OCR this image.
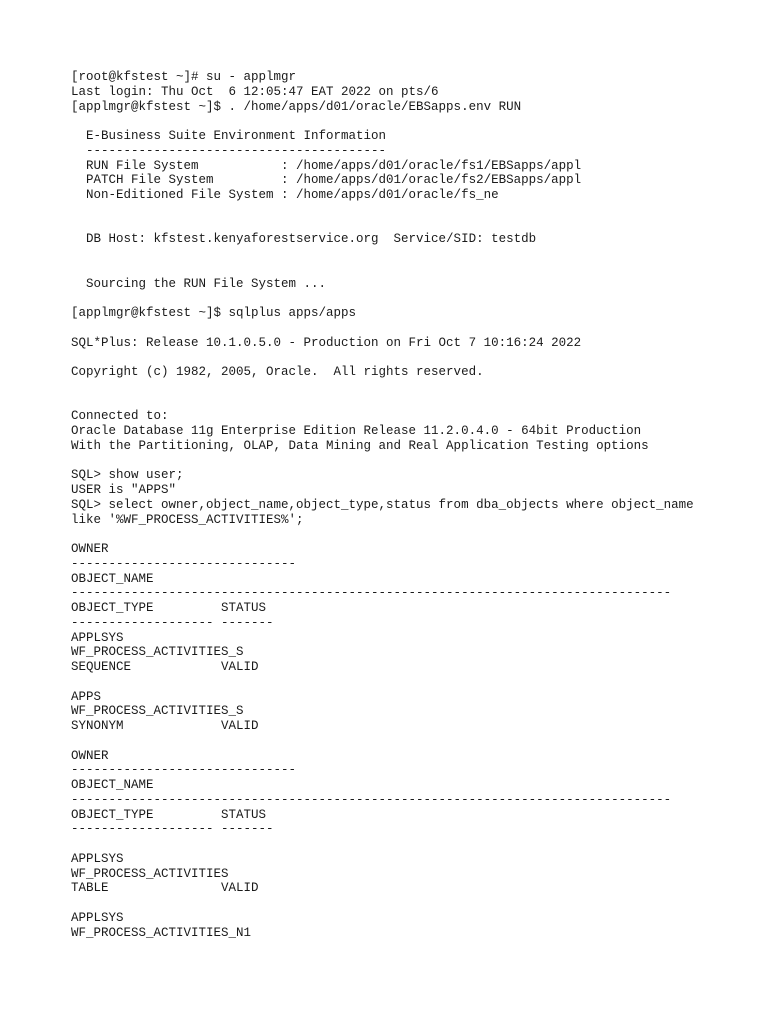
[root@kfstest ~]# su - applmgr
Last login: Thu Oct  6 12:05:47 EAT 2022 on pts/6
[applmgr@kfstest ~]$ . /home/apps/d01/oracle/EBSapps.env RUN
E-Business Suite Environment Information
----------------------------------------
RUN File System           : /home/apps/d01/oracle/fs1/EBSapps/appl
PATCH File System         : /home/apps/d01/oracle/fs2/EBSapps/appl
Non-Editioned File System : /home/apps/d01/oracle/fs_ne
DB Host: kfstest.kenyaforestservice.org  Service/SID: testdb
Sourcing the RUN File System ...
[applmgr@kfstest ~]$ sqlplus apps/apps
SQL*Plus: Release 10.1.0.5.0 - Production on Fri Oct 7 10:16:24 2022
Copyright (c) 1982, 2005, Oracle.  All rights reserved.
Connected to:
Oracle Database 11g Enterprise Edition Release 11.2.0.4.0 - 64bit Production
With the Partitioning, OLAP, Data Mining and Real Application Testing options
SQL> show user;
USER is "APPS"
SQL> select owner,object_name,object_type,status from dba_objects where object_name
like '%WF_PROCESS_ACTIVITIES%';
OWNER
------------------------------
OBJECT_NAME
--------------------------------------------------------------------------------
OBJECT_TYPE         STATUS
------------------- -------
APPLSYS
WF_PROCESS_ACTIVITIES_S
SEQUENCE            VALID
APPS
WF_PROCESS_ACTIVITIES_S
SYNONYM             VALID
OWNER
------------------------------
OBJECT_NAME
--------------------------------------------------------------------------------
OBJECT_TYPE         STATUS
------------------- -------
APPLSYS
WF_PROCESS_ACTIVITIES
TABLE               VALID
APPLSYS
WF_PROCESS_ACTIVITIES_N1
